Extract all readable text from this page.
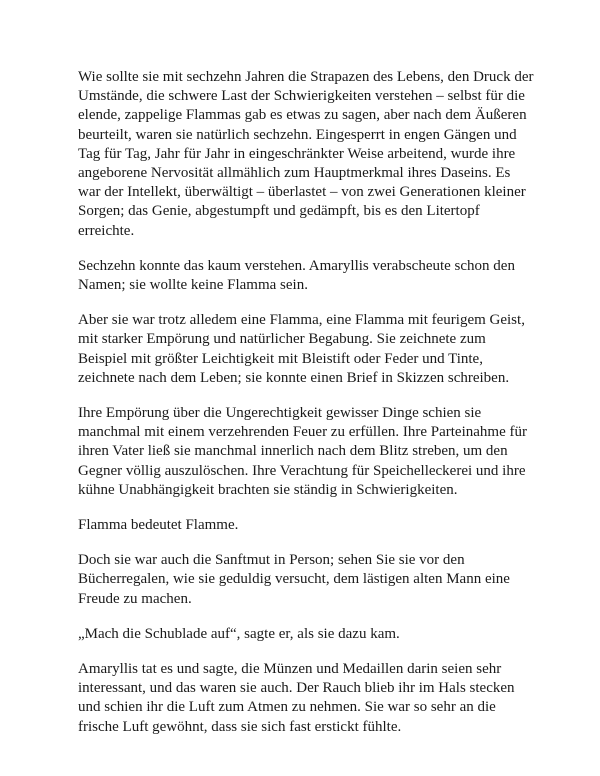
Wie sollte sie mit sechzehn Jahren die Strapazen des Lebens, den Druck der Umstände, die schwere Last der Schwierigkeiten verstehen – selbst für die elende, zappelige Flammas gab es etwas zu sagen, aber nach dem Äußeren beurteilt, waren sie natürlich sechzehn. Eingesperrt in engen Gängen und Tag für Tag, Jahr für Jahr in eingeschränkter Weise arbeitend, wurde ihre angeborene Nervosität allmählich zum Hauptmerkmal ihres Daseins. Es war der Intellekt, überwältigt – überlastet – von zwei Generationen kleiner Sorgen; das Genie, abgestumpft und gedämpft, bis es den Litertopf erreichte.

Sechzehn konnte das kaum verstehen. Amaryllis verabscheute schon den Namen; sie wollte keine Flamma sein.

Aber sie war trotz alledem eine Flamma, eine Flamma mit feurigem Geist, mit starker Empörung und natürlicher Begabung. Sie zeichnete zum Beispiel mit größter Leichtigkeit mit Bleistift oder Feder und Tinte, zeichnete nach dem Leben; sie konnte einen Brief in Skizzen schreiben.

Ihre Empörung über die Ungerechtigkeit gewisser Dinge schien sie manchmal mit einem verzehrenden Feuer zu erfüllen. Ihre Parteinahme für ihren Vater ließ sie manchmal innerlich nach dem Blitz streben, um den Gegner völlig auszulöschen. Ihre Verachtung für Speichelleckerei und ihre kühne Unabhängigkeit brachten sie ständig in Schwierigkeiten.

Flamma bedeutet Flamme.

Doch sie war auch die Sanftmut in Person; sehen Sie sie vor den Bücherregalen, wie sie geduldig versucht, dem lästigen alten Mann eine Freude zu machen.

„Mach die Schublade auf“, sagte er, als sie dazu kam.

Amaryllis tat es und sagte, die Münzen und Medaillen darin seien sehr interessant, und das waren sie auch. Der Rauch blieb ihr im Hals stecken und schien ihr die Luft zum Atmen zu nehmen. Sie war so sehr an die frische Luft gewöhnt, dass sie sich fast erstickt fühlte.
